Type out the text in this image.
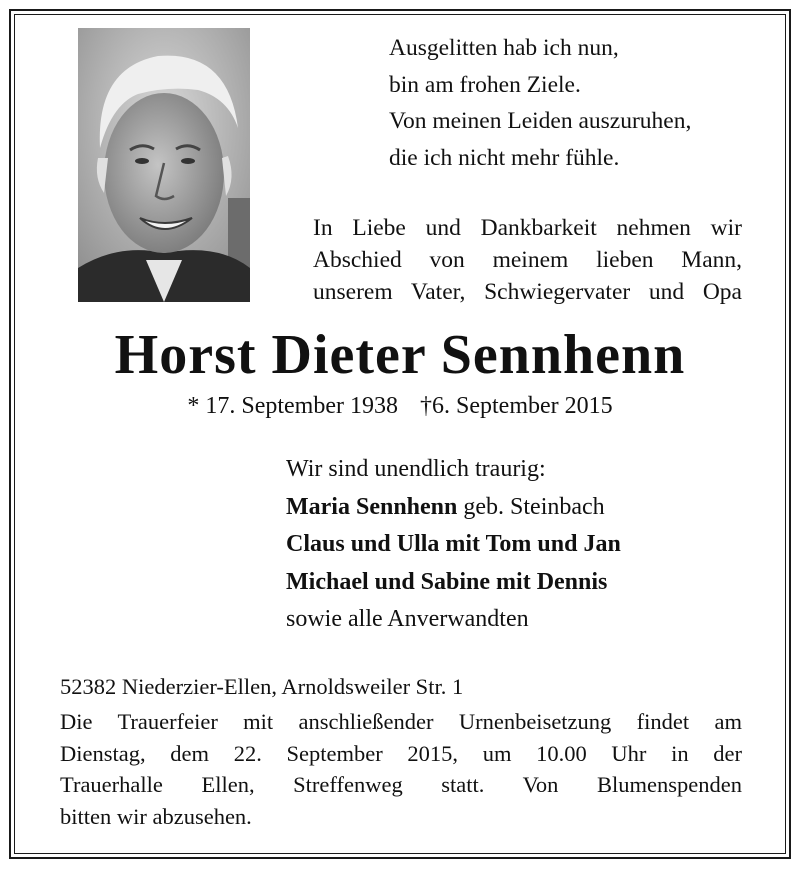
Ausgelitten hab ich nun,
bin am frohen Ziele.
Von meinen Leiden auszuruhen,
die ich nicht mehr fühle.
In Liebe und Dankbarkeit nehmen wir
Abschied von meinem lieben Mann,
unserem Vater, Schwiegervater und Opa
Horst Dieter Sennhenn
* 17. September 1938 †6. September 2015
Wir sind unendlich traurig:
Maria Sennhenn geb. Steinbach
Claus und Ulla mit Tom und Jan
Michael und Sabine mit Dennis
sowie alle Anverwandten
52382 Niederzier-Ellen, Arnoldsweiler Str. 1
Die Trauerfeier mit anschließender Urnenbeisetzung findet am
Dienstag, dem 22. September 2015, um 10.00 Uhr in der
Trauerhalle Ellen, Streffenweg statt. Von Blumenspenden
bitten wir abzusehen.
